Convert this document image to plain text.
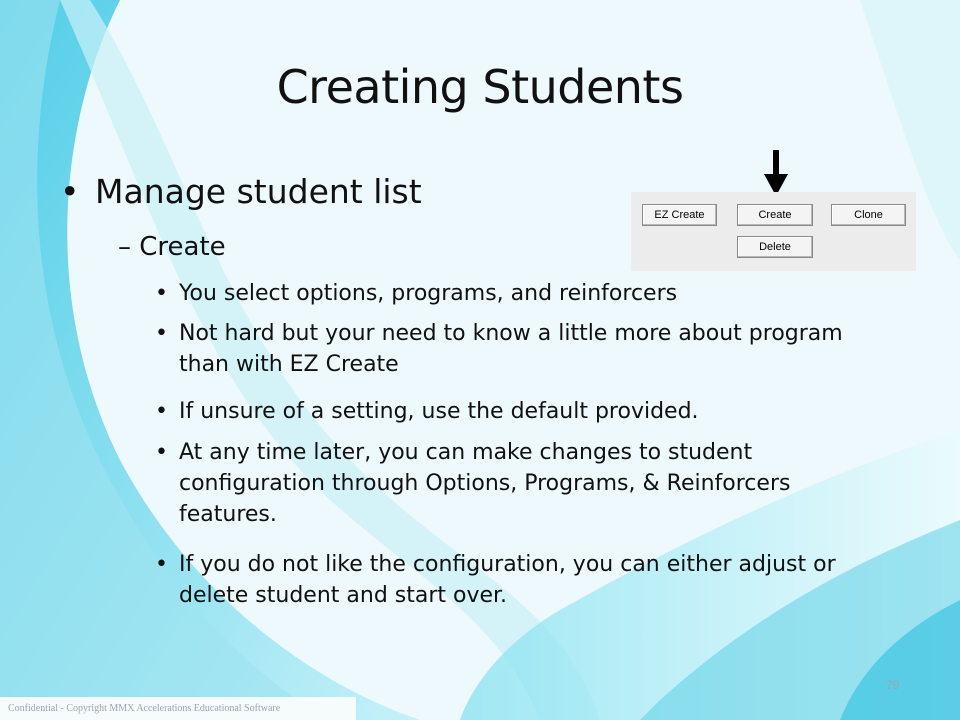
Creating Students
• Manage student list
– Create
• You select options, programs, and reinforcers
• Not hard but your need to know a little more about program than with EZ Create
• If unsure of a setting, use the default provided.
• At any time later, you can make changes to student configuration through Options, Programs, & Reinforcers features.
• If you do not like the configuration, you can either adjust or delete student and start over.
EZ Create	Create	Clone
Delete
79
Confidential - Copyright MMX Accelerations Educational Software
